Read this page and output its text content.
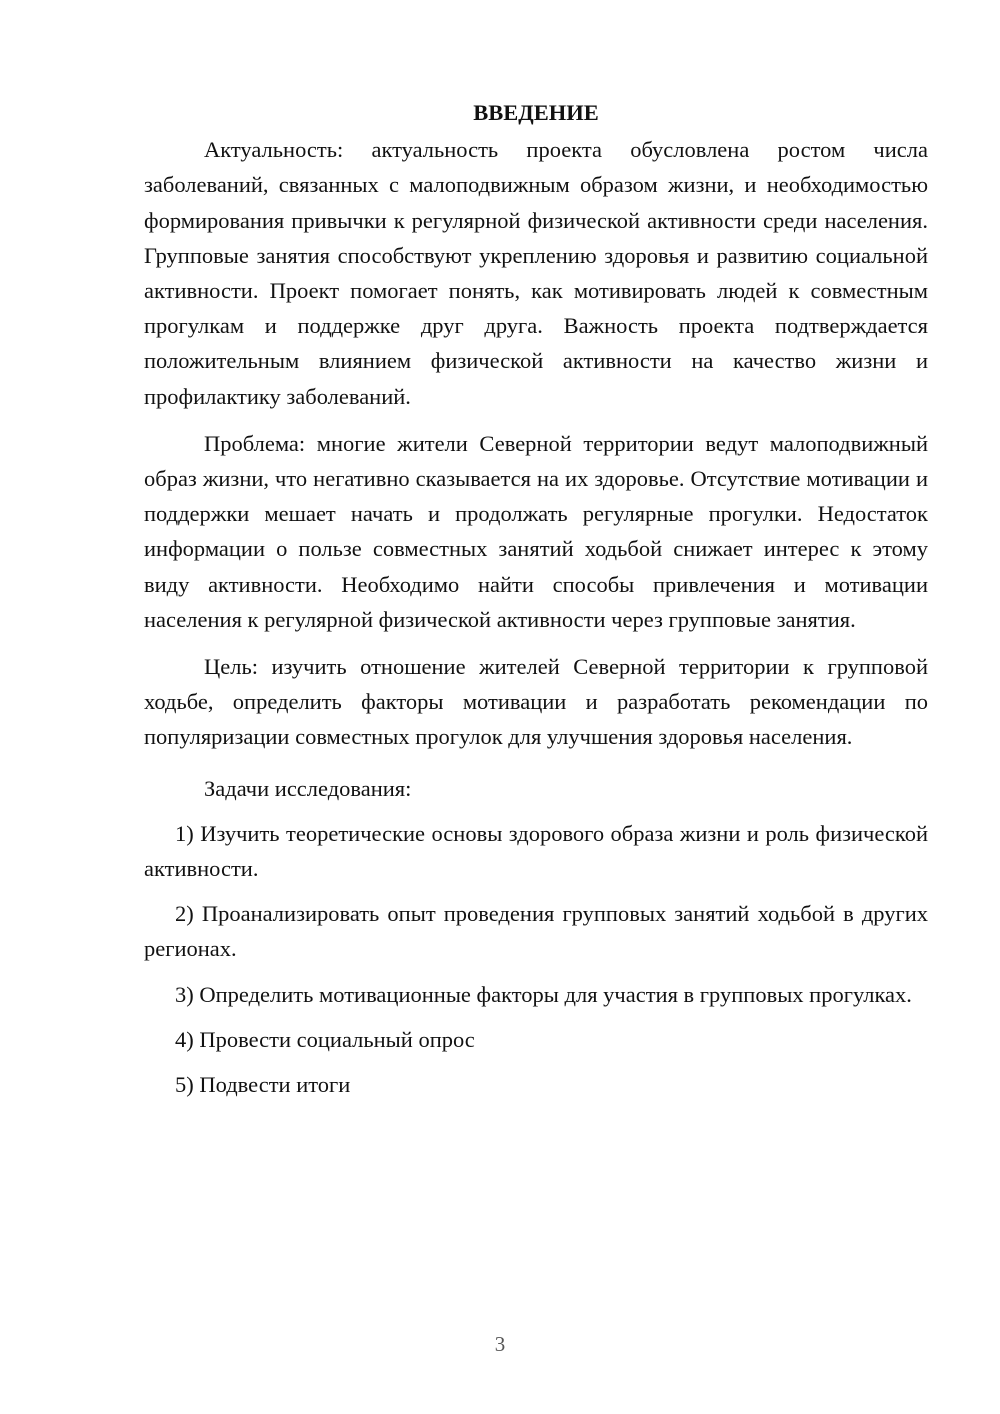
ВВЕДЕНИЕ

Актуальность: актуальность проекта обусловлена ростом числа заболеваний, связанных с малоподвижным образом жизни, и необходимостью формирования привычки к регулярной физической активности среди населения. Групповые занятия способствуют укреплению здоровья и развитию социальной активности. Проект помогает понять, как мотивировать людей к совместным прогулкам и поддержке друг друга. Важность проекта подтверждается положительным влиянием физической активности на качество жизни и профилактику заболеваний.

Проблема: многие жители Северной территории ведут малоподвижный образ жизни, что негативно сказывается на их здоровье. Отсутствие мотивации и поддержки мешает начать и продолжать регулярные прогулки. Недостаток информации о пользе совместных занятий ходьбой снижает интерес к этому виду активности. Необходимо найти способы привлечения и мотивации населения к регулярной физической активности через групповые занятия.

Цель: изучить отношение жителей Северной территории к групповой ходьбе, определить факторы мотивации и разработать рекомендации по популяризации совместных прогулок для улучшения здоровья населения.

Задачи исследования:

1) Изучить теоретические основы здорового образа жизни и роль физической активности.

2) Проанализировать опыт проведения групповых занятий ходьбой в других регионах.

3) Определить мотивационные факторы для участия в групповых прогулках.

4) Провести социальный опрос

5) Подвести итоги

3
